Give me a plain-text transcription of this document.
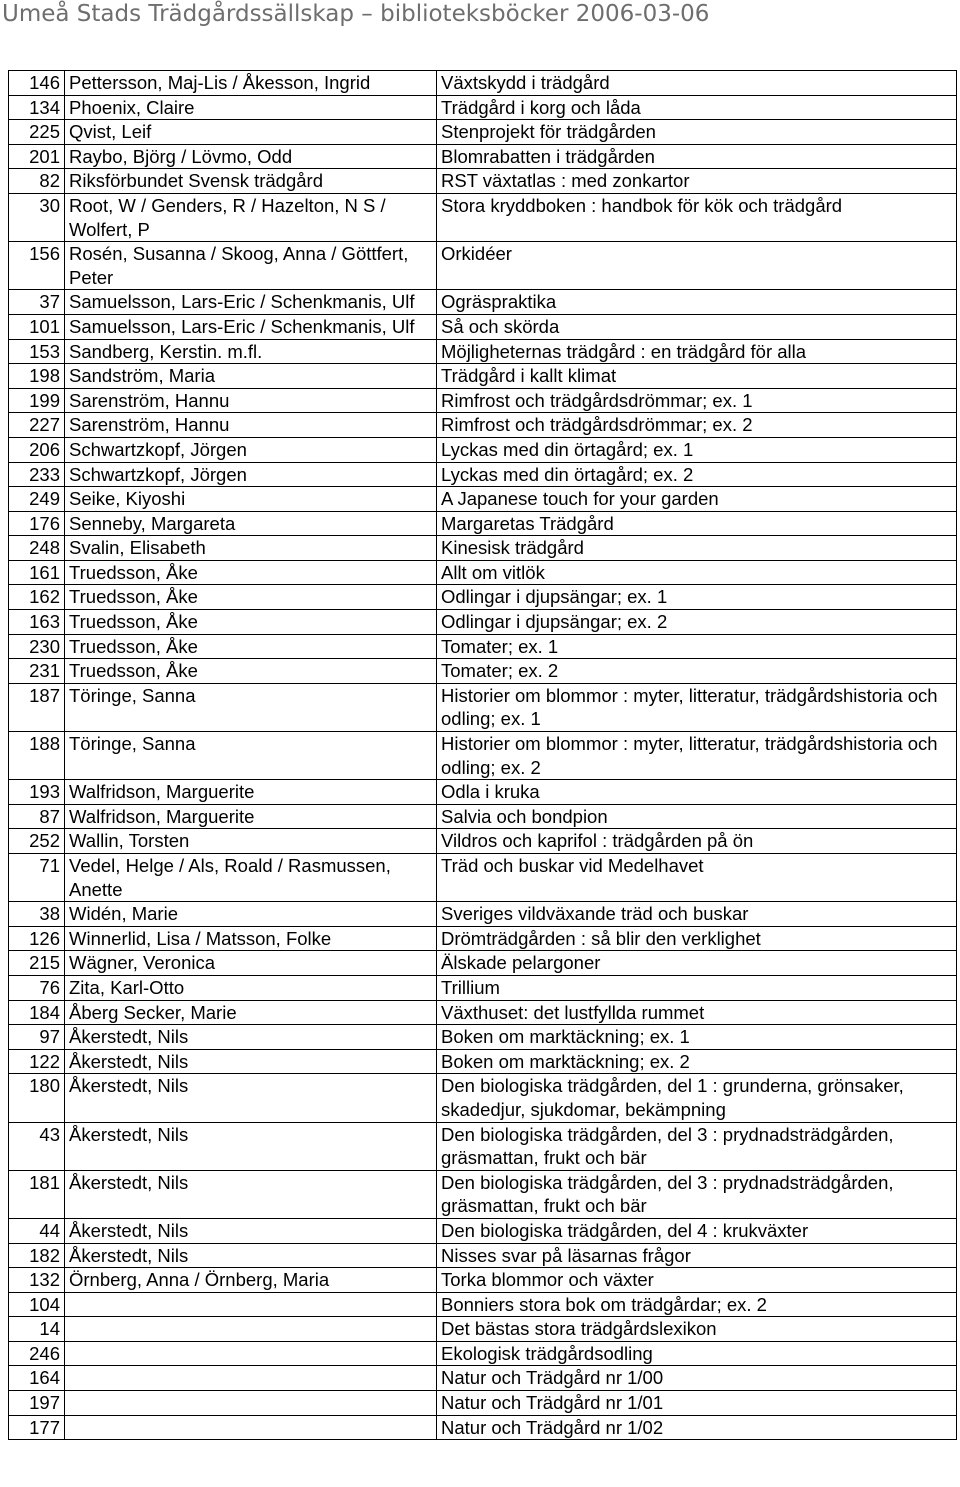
Umeå Stads Trädgårdssällskap – biblioteksböcker 2006-03-06
146	Pettersson, Maj-Lis / Åkesson, Ingrid	Växtskydd i trädgård
134	Phoenix, Claire	Trädgård i korg och låda
225	Qvist, Leif	Stenprojekt för trädgården
201	Raybo, Björg / Lövmo, Odd	Blomrabatten i trädgården
82	Riksförbundet Svensk trädgård	RST växtatlas : med zonkartor
30	Root, W / Genders, R / Hazelton, N S / Wolfert, P	Stora kryddboken : handbok för kök och trädgård
156	Rosén, Susanna / Skoog, Anna / Göttfert, Peter	Orkidéer
37	Samuelsson, Lars-Eric / Schenkmanis, Ulf	Ogräspraktika
101	Samuelsson, Lars-Eric / Schenkmanis, Ulf	Så och skörda
153	Sandberg, Kerstin. m.fl.	Möjligheternas trädgård : en trädgård för alla
198	Sandström, Maria	Trädgård i kallt klimat
199	Sarenström, Hannu	Rimfrost och trädgårdsdrömmar; ex. 1
227	Sarenström, Hannu	Rimfrost och trädgårdsdrömmar; ex. 2
206	Schwartzkopf, Jörgen	Lyckas med din örtagård; ex. 1
233	Schwartzkopf, Jörgen	Lyckas med din örtagård; ex. 2
249	Seike, Kiyoshi	A Japanese touch for your garden
176	Senneby, Margareta	Margaretas Trädgård
248	Svalin, Elisabeth	Kinesisk trädgård
161	Truedsson, Åke	Allt om vitlök
162	Truedsson, Åke	Odlingar i djupsängar; ex. 1
163	Truedsson, Åke	Odlingar i djupsängar; ex. 2
230	Truedsson, Åke	Tomater; ex. 1
231	Truedsson, Åke	Tomater; ex. 2
187	Töringe, Sanna	Historier om blommor : myter, litteratur, trädgårdshistoria och odling; ex. 1
188	Töringe, Sanna	Historier om blommor : myter, litteratur, trädgårdshistoria och odling; ex. 2
193	Walfridson, Marguerite	Odla i kruka
87	Walfridson, Marguerite	Salvia och bondpion
252	Wallin, Torsten	Vildros och kaprifol : trädgården på ön
71	Vedel, Helge / Als, Roald / Rasmussen, Anette	Träd och buskar vid Medelhavet
38	Widén, Marie	Sveriges vildväxande träd och buskar
126	Winnerlid, Lisa / Matsson, Folke	Drömträdgården : så blir den verklighet
215	Wägner, Veronica	Älskade pelargoner
76	Zita, Karl-Otto	Trillium
184	Åberg Secker, Marie	Växthuset: det lustfyllda rummet
97	Åkerstedt, Nils	Boken om marktäckning; ex. 1
122	Åkerstedt, Nils	Boken om marktäckning; ex. 2
180	Åkerstedt, Nils	Den biologiska trädgården, del 1 : grunderna, grönsaker, skadedjur, sjukdomar, bekämpning
43	Åkerstedt, Nils	Den biologiska trädgården, del 3 : prydnadsträdgården, gräsmattan, frukt och bär
181	Åkerstedt, Nils	Den biologiska trädgården, del 3 : prydnadsträdgården, gräsmattan, frukt och bär
44	Åkerstedt, Nils	Den biologiska trädgården, del 4 : krukväxter
182	Åkerstedt, Nils	Nisses svar på läsarnas frågor
132	Örnberg, Anna / Örnberg, Maria	Torka blommor och växter
104		Bonniers stora bok om trädgårdar; ex. 2
14		Det bästas stora trädgårdslexikon
246		Ekologisk trädgårdsodling
164		Natur och Trädgård nr 1/00
197		Natur och Trädgård nr 1/01
177		Natur och Trädgård nr 1/02
